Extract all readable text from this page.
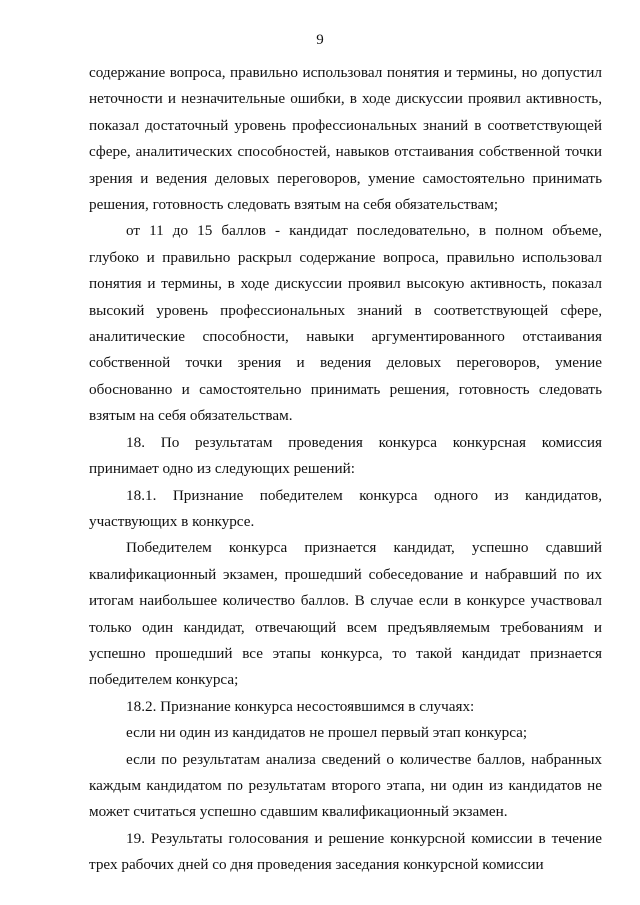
9

содержание вопроса, правильно использовал понятия и термины, но допустил неточности и незначительные ошибки, в ходе дискуссии проявил активность, показал достаточный уровень профессиональных знаний в соответствующей сфере, аналитических способностей, навыков отстаивания собственной точки зрения и ведения деловых переговоров, умение самостоятельно принимать решения, готовность следовать взятым на себя обязательствам;

от 11 до 15 баллов - кандидат последовательно, в полном объеме, глубоко и правильно раскрыл содержание вопроса, правильно использовал понятия и термины, в ходе дискуссии проявил высокую активность, показал высокий уровень профессиональных знаний в соответствующей сфере, аналитические способности, навыки аргументированного отстаивания собственной точки зрения и ведения деловых переговоров, умение обоснованно и самостоятельно принимать решения, готовность следовать взятым на себя обязательствам.

18. По результатам проведения конкурса конкурсная комиссия принимает одно из следующих решений:

18.1. Признание победителем конкурса одного из кандидатов, участвующих в конкурсе.

Победителем конкурса признается кандидат, успешно сдавший квалификационный экзамен, прошедший собеседование и набравший по их итогам наибольшее количество баллов. В случае если в конкурсе участвовал только один кандидат, отвечающий всем предъявляемым требованиям и успешно прошедший все этапы конкурса, то такой кандидат признается победителем конкурса;

18.2. Признание конкурса несостоявшимся в случаях:

если ни один из кандидатов не прошел первый этап конкурса;

если по результатам анализа сведений о количестве баллов, набранных каждым кандидатом по результатам второго этапа, ни один из кандидатов не может считаться успешно сдавшим квалификационный экзамен.

19. Результаты голосования и решение конкурсной комиссии в течение трех рабочих дней со дня проведения заседания конкурсной комиссии
